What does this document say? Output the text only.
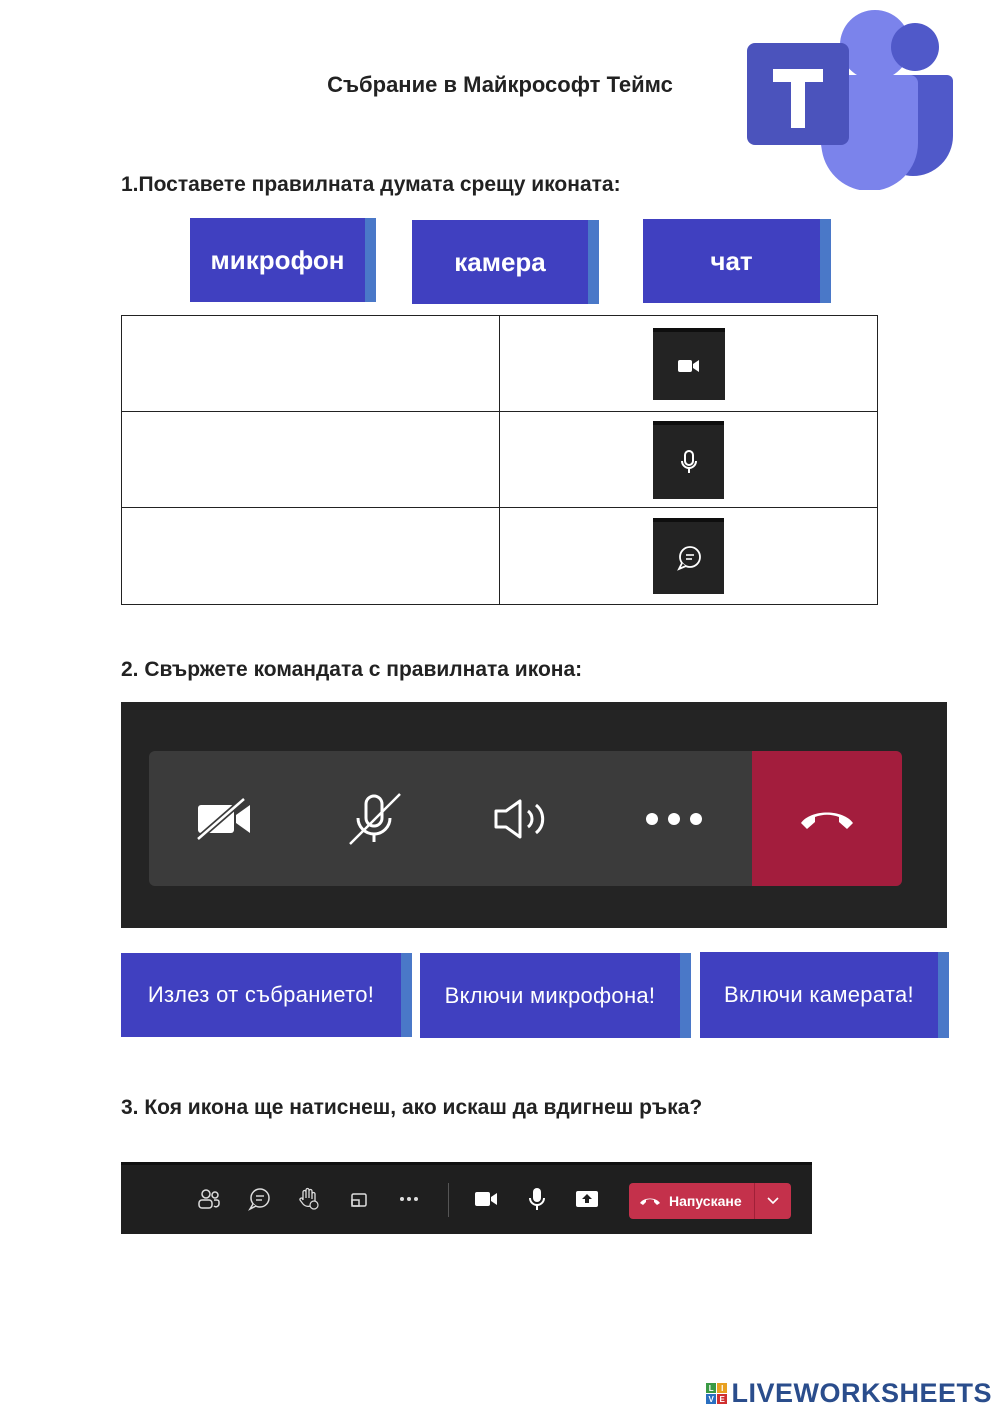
Събрание в Майкрософт Теймс
1.Поставете правилната думата срещу иконата:
микрофон	камера	чат

2. Свържете командата с правилната икона:
Излез от събранието!	Включи микрофона!	Включи камерата!
3. Коя икона ще натиснеш, ако искаш да вдигнеш ръка?
Напускане
L I
V E LIVEWORKSHEETS
